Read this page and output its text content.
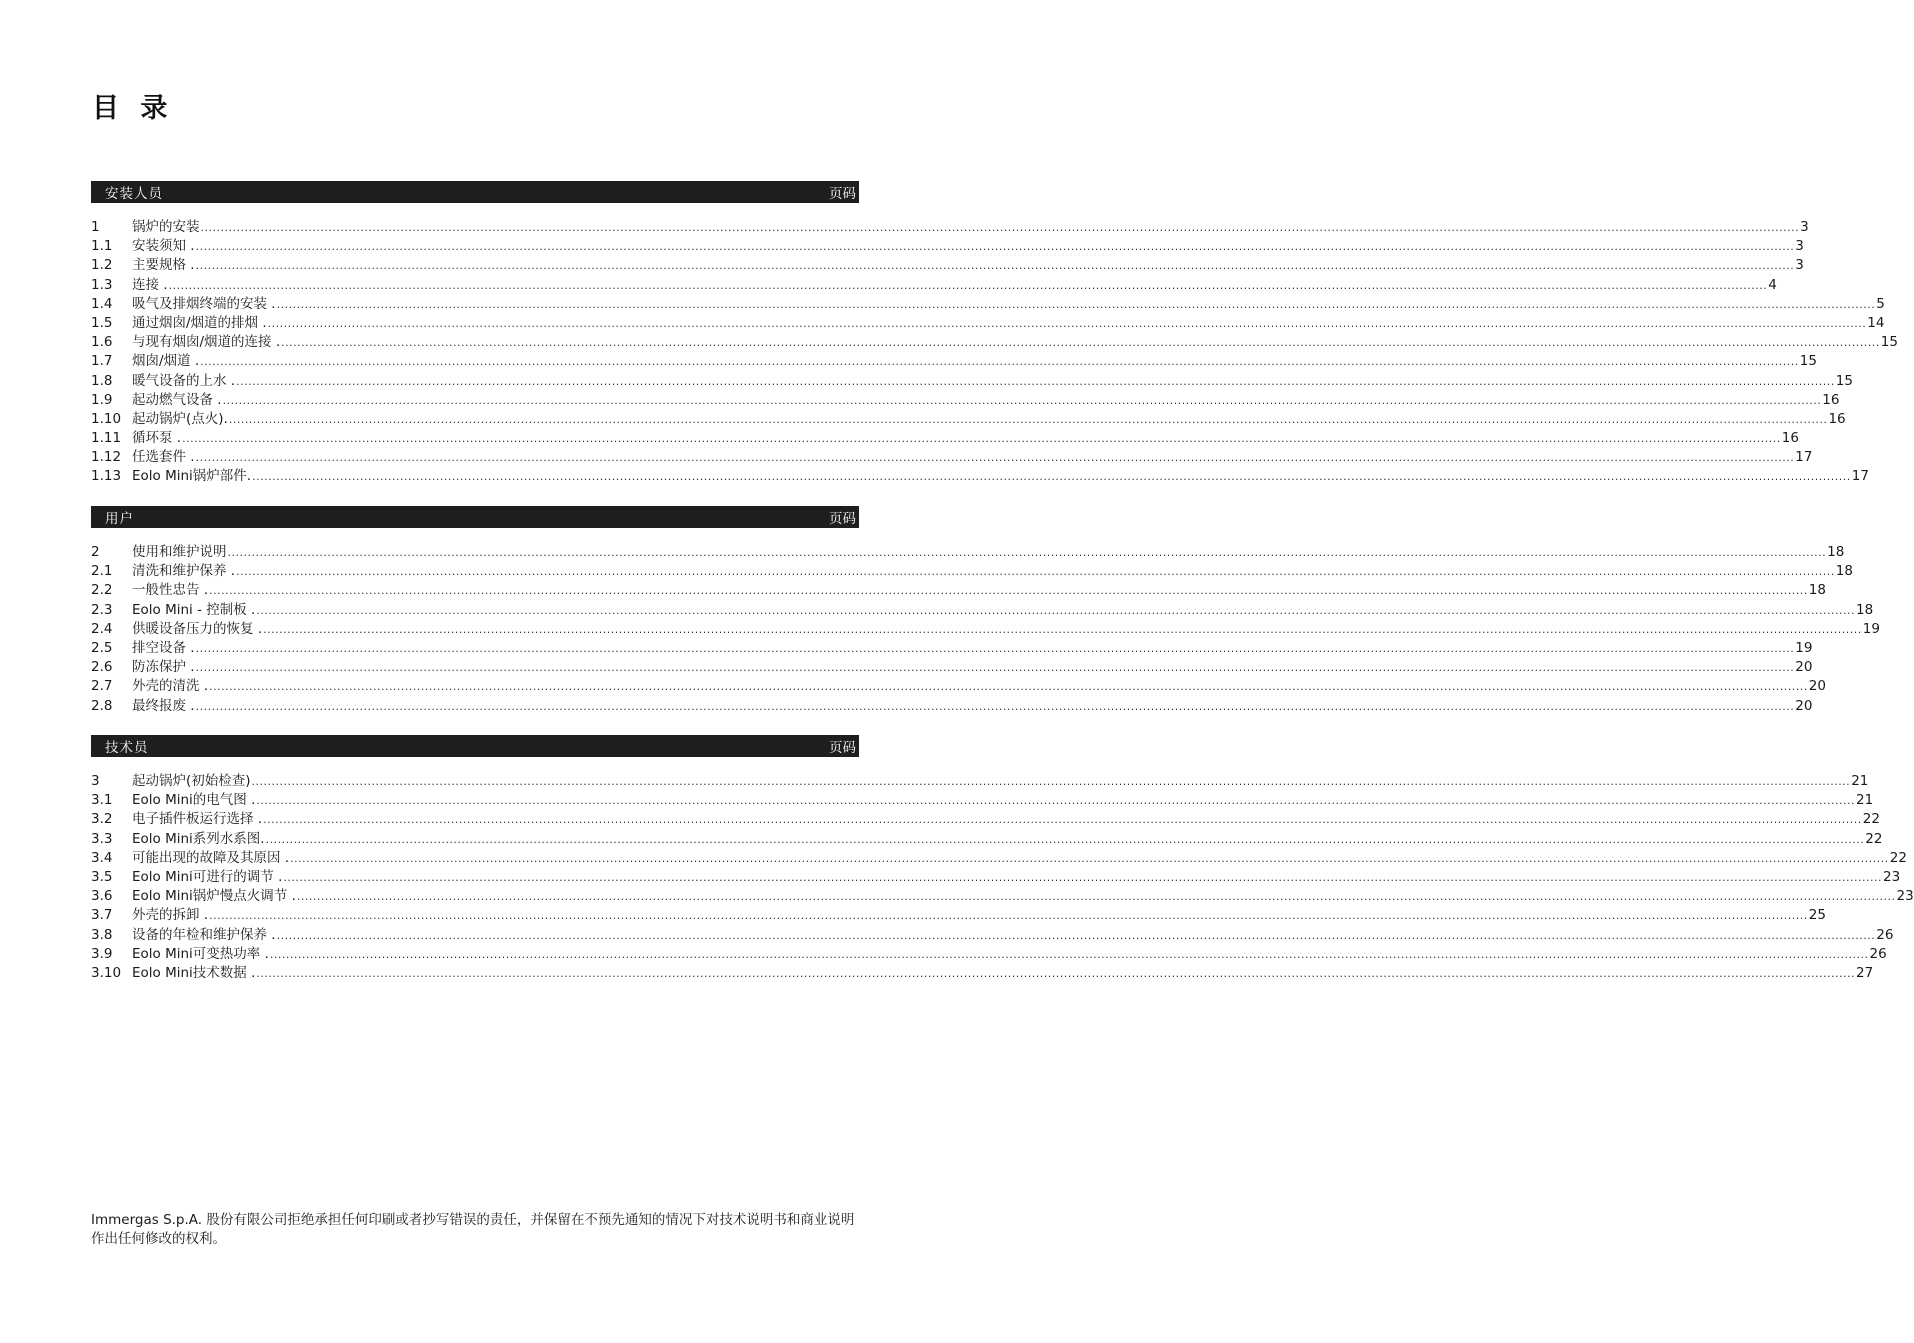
目 录
安装人员	页码
1	锅炉的安装 ................................................................................................................................................................................................................................................................................................................................................................................................................ 3
1.1	安装须知 . ................................................................................................................................................................................................................................................................................................................................................................................................................ 3
1.2	主要规格 . ................................................................................................................................................................................................................................................................................................................................................................................................................ 3
1.3	连接 . ................................................................................................................................................................................................................................................................................................................................................................................................................ 4
1.4	吸气及排烟终端的安装 . ................................................................................................................................................................................................................................................................................................................................................................................................................ 5
1.5	通过烟囱/烟道的排烟 . ................................................................................................................................................................................................................................................................................................................................................................................................................ 14
1.6	与现有烟囱/烟道的连接 . ................................................................................................................................................................................................................................................................................................................................................................................................................ 15
1.7	烟囱/烟道 . ................................................................................................................................................................................................................................................................................................................................................................................................................ 15
1.8	暖气设备的上水 . ................................................................................................................................................................................................................................................................................................................................................................................................................ 15
1.9	起动燃气设备 . ................................................................................................................................................................................................................................................................................................................................................................................................................ 16
1.10 起动锅炉(点火). ................................................................................................................................................................................................................................................................................................................................................................................................................ 16
1.11 循环泵 . ................................................................................................................................................................................................................................................................................................................................................................................................................ 16
1.12 任选套件 . ................................................................................................................................................................................................................................................................................................................................................................................................................ 17
1.13 Eolo Mini锅炉部件. ................................................................................................................................................................................................................................................................................................................................................................................................................ 17
用户	页码
2	使用和维护说明 ................................................................................................................................................................................................................................................................................................................................................................................................................ 18
2.1	清洗和维护保养 . ................................................................................................................................................................................................................................................................................................................................................................................................................ 18
2.2	一般性忠告 . ................................................................................................................................................................................................................................................................................................................................................................................................................ 18
2.3	Eolo Mini - 控制板 . ................................................................................................................................................................................................................................................................................................................................................................................................................ 18
2.4	供暖设备压力的恢复 . ................................................................................................................................................................................................................................................................................................................................................................................................................ 19
2.5	排空设备 . ................................................................................................................................................................................................................................................................................................................................................................................................................ 19
2.6	防冻保护 . ................................................................................................................................................................................................................................................................................................................................................................................................................ 20
2.7	外壳的清洗 . ................................................................................................................................................................................................................................................................................................................................................................................................................ 20
2.8	最终报废 . ................................................................................................................................................................................................................................................................................................................................................................................................................ 20
技术员	页码
3	起动锅炉(初始检查) ................................................................................................................................................................................................................................................................................................................................................................................................................ 21
3.1	Eolo Mini的电气图 . ................................................................................................................................................................................................................................................................................................................................................................................................................ 21
3.2	电子插件板运行选择 . ................................................................................................................................................................................................................................................................................................................................................................................................................ 22
3.3	Eolo Mini系列水系图. ................................................................................................................................................................................................................................................................................................................................................................................................................ 22
3.4	可能出现的故障及其原因 . ................................................................................................................................................................................................................................................................................................................................................................................................................ 22
3.5	Eolo Mini可进行的调节 . ................................................................................................................................................................................................................................................................................................................................................................................................................ 23
3.6	Eolo Mini锅炉慢点火调节 . ................................................................................................................................................................................................................................................................................................................................................................................................................ 23
3.7	外壳的拆卸 . ................................................................................................................................................................................................................................................................................................................................................................................................................ 25
3.8	设备的年检和维护保养 . ................................................................................................................................................................................................................................................................................................................................................................................................................ 26
3.9	Eolo Mini可变热功率 . ................................................................................................................................................................................................................................................................................................................................................................................................................ 26
3.10 Eolo Mini技术数据 . ................................................................................................................................................................................................................................................................................................................................................................................................................ 27
Immergas S.p.A. 股份有限公司拒绝承担任何印刷或者抄写错误的责任，并保留在不预先通知的情况下对技术说明书和商业说明作出任何修改的权利。
